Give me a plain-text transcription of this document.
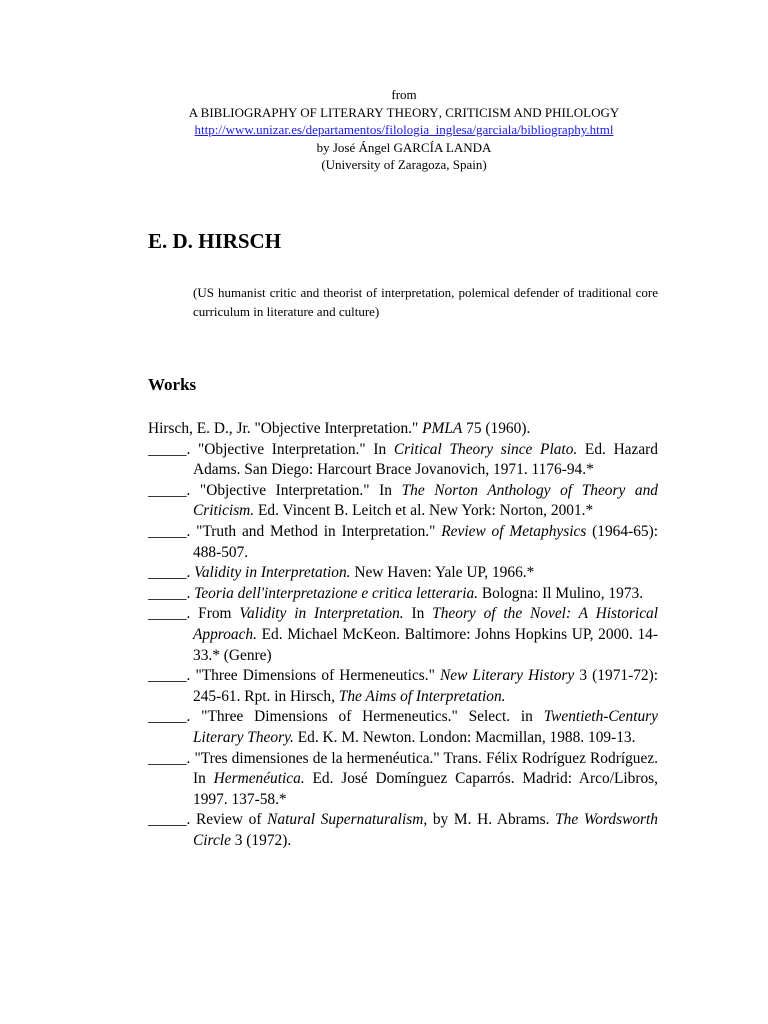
from
A BIBLIOGRAPHY OF LITERARY THEORY, CRITICISM AND PHILOLOGY
http://www.unizar.es/departamentos/filologia_inglesa/garciala/bibliography.html
by José Ángel GARCÍA LANDA
(University of Zaragoza, Spain)
E. D. HIRSCH

(US humanist critic and theorist of interpretation, polemical defender of traditional core curriculum in literature and culture)

Works
Hirsch, E. D., Jr. "Objective Interpretation." PMLA 75 (1960).
_____. "Objective Interpretation." In Critical Theory since Plato. Ed. Hazard Adams. San Diego: Harcourt Brace Jovanovich, 1971. 1176-94.*
_____. "Objective Interpretation." In The Norton Anthology of Theory and Criticism. Ed. Vincent B. Leitch et al. New York: Norton, 2001.*
_____. "Truth and Method in Interpretation." Review of Metaphysics (1964-65): 488-507.
_____. Validity in Interpretation. New Haven: Yale UP, 1966.*
_____. Teoria dell'interpretazione e critica letteraria. Bologna: Il Mulino, 1973.
_____. From Validity in Interpretation. In Theory of the Novel: A Historical Approach. Ed. Michael McKeon. Baltimore: Johns Hopkins UP, 2000. 14-33.* (Genre)
_____. "Three Dimensions of Hermeneutics." New Literary History 3 (1971-72): 245-61. Rpt. in Hirsch, The Aims of Interpretation.
_____. "Three Dimensions of Hermeneutics." Select. in Twentieth-Century Literary Theory. Ed. K. M. Newton. London: Macmillan, 1988. 109-13.
_____. "Tres dimensiones de la hermenéutica." Trans. Félix Rodríguez Rodríguez. In Hermenéutica. Ed. José Domínguez Caparrós. Madrid: Arco/Libros, 1997. 137-58.*
_____. Review of Natural Supernaturalism, by M. H. Abrams. The Wordsworth Circle 3 (1972).
